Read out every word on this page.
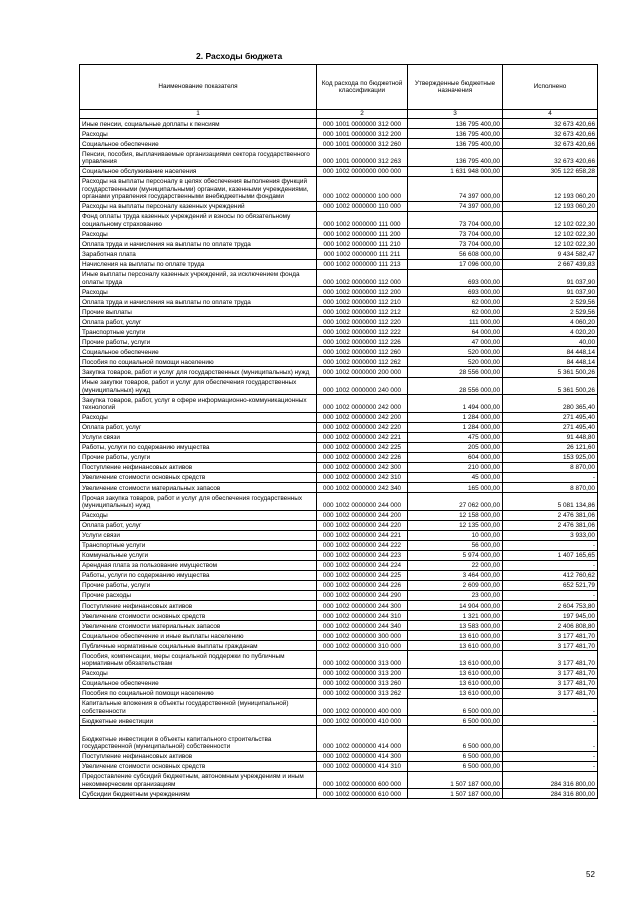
2. Расходы бюджета
Наименование показателя	Код расхода по бюджетной классификации	Утвержденные бюджетные назначения	Исполнено
1	2	3	4
Иные пенсии, социальные доплаты к пенсиям	000 1001 0000000 312 000	136 795 400,00	32 673 420,66
Расходы	000 1001 0000000 312 200	136 795 400,00	32 673 420,66
Социальное обеспечение	000 1001 0000000 312 260	136 795 400,00	32 673 420,66
Пенсии, пособия, выплачиваемые организациями сектора государственного управления	000 1001 0000000 312 263	136 795 400,00	32 673 420,66
Социальное обслуживание населения	000 1002 0000000 000 000	1 631 948 000,00	305 122 658,28
Расходы на выплаты персоналу в целях обеспечения выполнения функций государственными (муниципальными) органами, казенными учреждениями, органами управления государственными внебюджетными фондами	000 1002 0000000 100 000	74 397 000,00	12 193 060,20
Расходы на выплаты персоналу казенных учреждений	000 1002 0000000 110 000	74 397 000,00	12 193 060,20
Фонд оплаты труда казенных учреждений и взносы по обязательному социальному страхованию	000 1002 0000000 111 000	73 704 000,00	12 102 022,30
Расходы	000 1002 0000000 111 200	73 704 000,00	12 102 022,30
Оплата труда и начисления на выплаты по оплате труда	000 1002 0000000 111 210	73 704 000,00	12 102 022,30
Заработная плата	000 1002 0000000 111 211	56 608 000,00	9 434 582,47
Начисления на выплаты по оплате труда	000 1002 0000000 111 213	17 096 000,00	2 667 439,83
Иные выплаты персоналу казенных учреждений, за исключением фонда оплаты труда	000 1002 0000000 112 000	693 000,00	91 037,90
Расходы	000 1002 0000000 112 200	693 000,00	91 037,90
Оплата труда и начисления на выплаты по оплате труда	000 1002 0000000 112 210	62 000,00	2 529,56
Прочие выплаты	000 1002 0000000 112 212	62 000,00	2 529,56
Оплата работ, услуг	000 1002 0000000 112 220	111 000,00	4 060,20
Транспортные услуги	000 1002 0000000 112 222	64 000,00	4 020,20
Прочие работы, услуги	000 1002 0000000 112 226	47 000,00	40,00
Социальное обеспечение	000 1002 0000000 112 260	520 000,00	84 448,14
Пособия по социальной помощи населению	000 1002 0000000 112 262	520 000,00	84 448,14
Закупка товаров, работ и услуг для государственных (муниципальных) нужд	000 1002 0000000 200 000	28 556 000,00	5 361 500,26
Иные закупки товаров, работ и услуг для обеспечения государственных (муниципальных) нужд	000 1002 0000000 240 000	28 556 000,00	5 361 500,26
Закупка товаров, работ, услуг в сфере информационно-коммуникационных технологий	000 1002 0000000 242 000	1 494 000,00	280 365,40
Расходы	000 1002 0000000 242 200	1 284 000,00	271 495,40
Оплата работ, услуг	000 1002 0000000 242 220	1 284 000,00	271 495,40
Услуги связи	000 1002 0000000 242 221	475 000,00	91 448,80
Работы, услуги по содержанию имущества	000 1002 0000000 242 225	205 000,00	26 121,60
Прочие работы, услуги	000 1002 0000000 242 226	604 000,00	153 925,00
Поступление нефинансовых активов	000 1002 0000000 242 300	210 000,00	8 870,00
Увеличение стоимости основных средств	000 1002 0000000 242 310	45 000,00	-
Увеличение стоимости материальных запасов	000 1002 0000000 242 340	165 000,00	8 870,00
Прочая закупка товаров, работ и услуг для обеспечения государственных (муниципальных) нужд	000 1002 0000000 244 000	27 062 000,00	5 081 134,86
Расходы	000 1002 0000000 244 200	12 158 000,00	2 476 381,06
Оплата работ, услуг	000 1002 0000000 244 220	12 135 000,00	2 476 381,06
Услуги связи	000 1002 0000000 244 221	10 000,00	3 933,00
Транспортные услуги	000 1002 0000000 244 222	56 000,00	-
Коммунальные услуги	000 1002 0000000 244 223	5 974 000,00	1 407 165,65
Арендная плата за пользование имуществом	000 1002 0000000 244 224	22 000,00	-
Работы, услуги по содержанию имущества	000 1002 0000000 244 225	3 464 000,00	412 760,62
Прочие работы, услуги	000 1002 0000000 244 226	2 609 000,00	652 521,79
Прочие расходы	000 1002 0000000 244 290	23 000,00	-
Поступление нефинансовых активов	000 1002 0000000 244 300	14 904 000,00	2 604 753,80
Увеличение стоимости основных средств	000 1002 0000000 244 310	1 321 000,00	197 945,00
Увеличение стоимости материальных запасов	000 1002 0000000 244 340	13 583 000,00	2 406 808,80
Социальное обеспечение и иные выплаты населению	000 1002 0000000 300 000	13 610 000,00	3 177 481,70
Публичные нормативные социальные выплаты гражданам	000 1002 0000000 310 000	13 610 000,00	3 177 481,70
Пособия, компенсации, меры социальной поддержки по публичным нормативным обязательствам	000 1002 0000000 313 000	13 610 000,00	3 177 481,70
Расходы	000 1002 0000000 313 200	13 610 000,00	3 177 481,70
Социальное обеспечение	000 1002 0000000 313 260	13 610 000,00	3 177 481,70
Пособия по социальной помощи населению	000 1002 0000000 313 262	13 610 000,00	3 177 481,70
Капитальные вложения в объекты государственной (муниципальной) собственности	000 1002 0000000 400 000	6 500 000,00	-
Бюджетные инвестиции	000 1002 0000000 410 000	6 500 000,00	-
Бюджетные инвестиции в объекты капитального строительства государственной (муниципальной) собственности	000 1002 0000000 414 000	6 500 000,00	-
Поступление нефинансовых активов	000 1002 0000000 414 300	6 500 000,00	-
Увеличение стоимости основных средств	000 1002 0000000 414 310	6 500 000,00	-
Предоставление субсидий бюджетным, автономным учреждениям и иным некоммерческим организациям	000 1002 0000000 600 000	1 507 187 000,00	284 316 800,00
Субсидии бюджетным учреждениям	000 1002 0000000 610 000	1 507 187 000,00	284 316 800,00
52
